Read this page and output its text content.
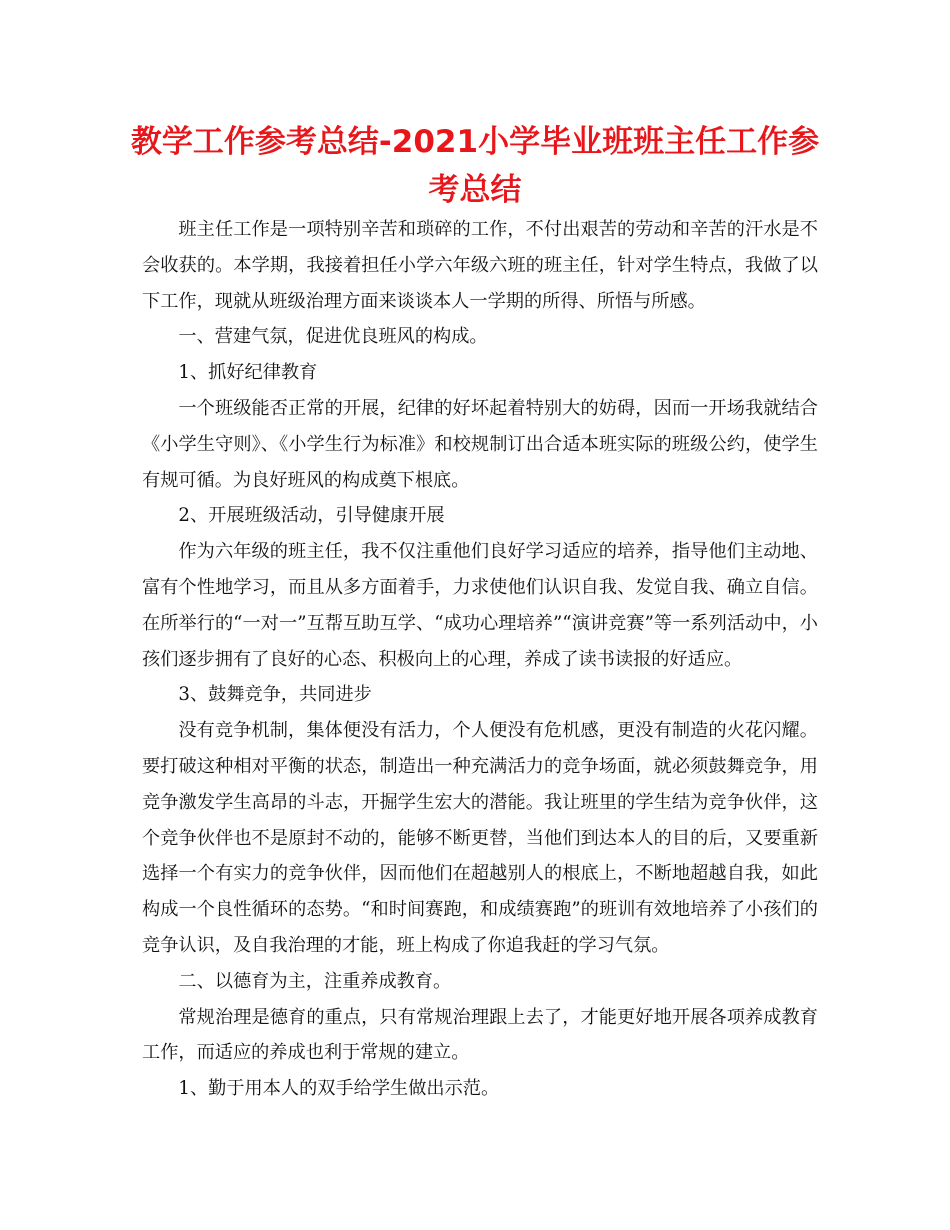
教学工作参考总结-2021小学毕业班班主任工作参考总结

班主任工作是一项特别辛苦和琐碎的工作，不付出艰苦的劳动和辛苦的汗水是不会收获的。本学期，我接着担任小学六年级六班的班主任，针对学生特点，我做了以下工作，现就从班级治理方面来谈谈本人一学期的所得、所悟与所感。

一、营建气氛，促进优良班风的构成。

1、抓好纪律教育

一个班级能否正常的开展，纪律的好坏起着特别大的妨碍，因而一开场我就结合《小学生守则》、《小学生行为标准》和校规制订出合适本班实际的班级公约，使学生有规可循。为良好班风的构成奠下根底。

2、开展班级活动，引导健康开展

作为六年级的班主任，我不仅注重他们良好学习适应的培养，指导他们主动地、富有个性地学习，而且从多方面着手，力求使他们认识自我、发觉自我、确立自信。在所举行的“一对一”互帮互助互学、“成功心理培养”“演讲竞赛”等一系列活动中，小孩们逐步拥有了良好的心态、积极向上的心理，养成了读书读报的好适应。

3、鼓舞竞争，共同进步

没有竞争机制，集体便没有活力，个人便没有危机感，更没有制造的火花闪耀。要打破这种相对平衡的状态，制造出一种充满活力的竞争场面，就必须鼓舞竞争，用竞争激发学生高昂的斗志，开掘学生宏大的潜能。我让班里的学生结为竞争伙伴，这个竞争伙伴也不是原封不动的，能够不断更替，当他们到达本人的目的后，又要重新选择一个有实力的竞争伙伴，因而他们在超越别人的根底上，不断地超越自我，如此构成一个良性循环的态势。“和时间赛跑，和成绩赛跑”的班训有效地培养了小孩们的竞争认识，及自我治理的才能，班上构成了你追我赶的学习气氛。

二、以德育为主，注重养成教育。

常规治理是德育的重点，只有常规治理跟上去了，才能更好地开展各项养成教育工作，而适应的养成也利于常规的建立。

1、勤于用本人的双手给学生做出示范。
